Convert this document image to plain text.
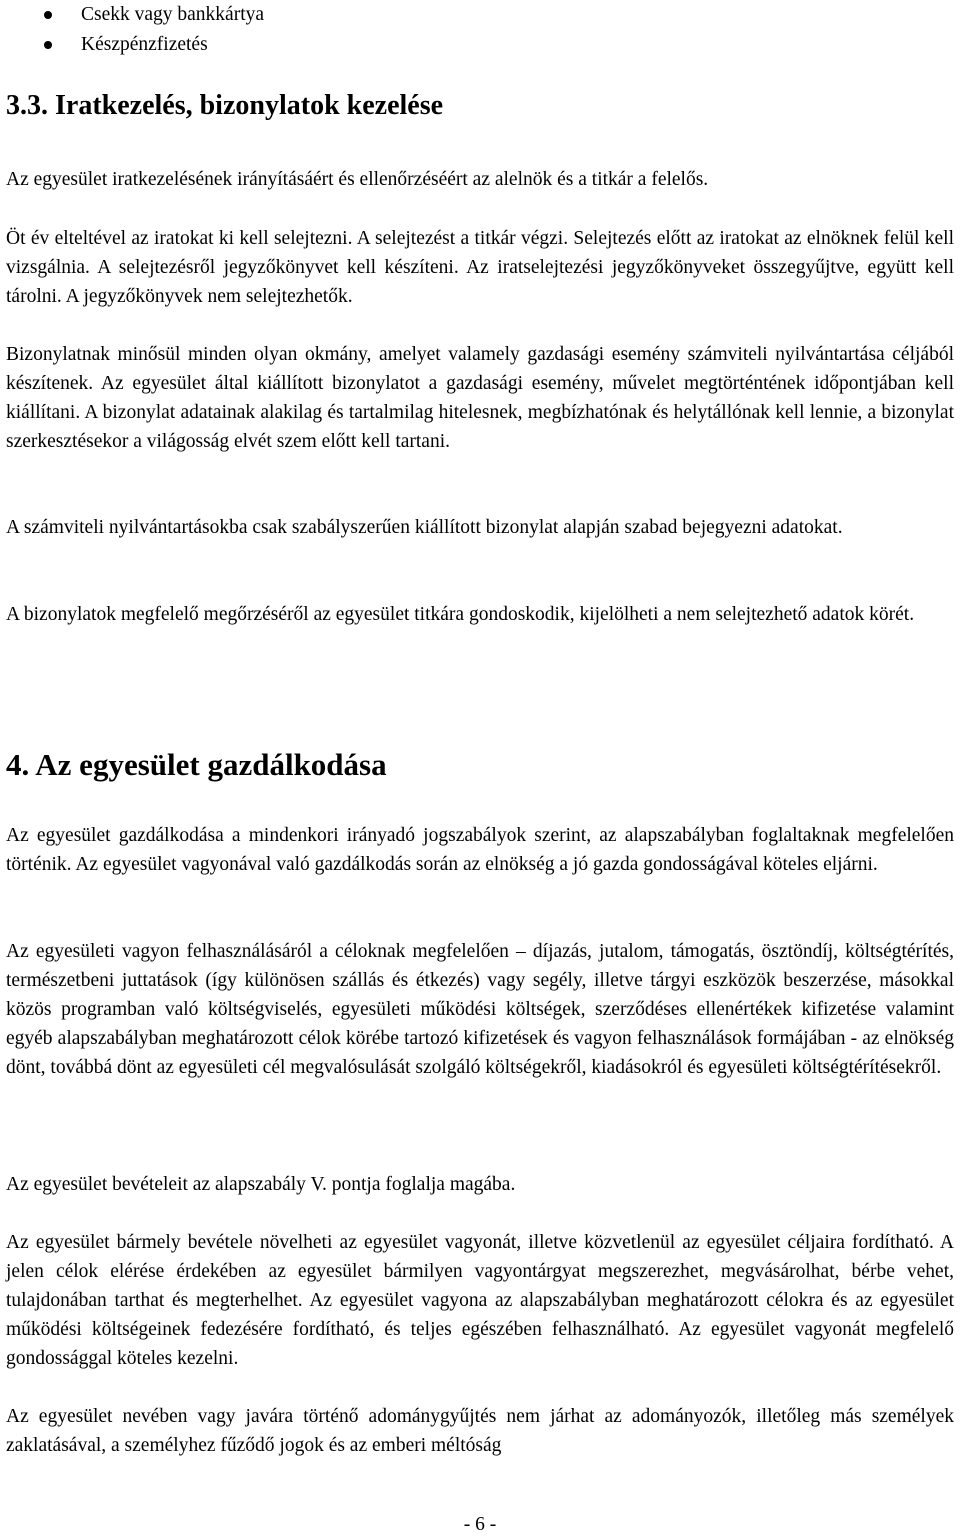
Csekk vagy bankkártya
Készpénzfizetés
3.3. Iratkezelés, bizonylatok kezelése

Az egyesület iratkezelésének irányításáért és ellenőrzéséért az alelnök és a titkár a felelős.

Öt év elteltével az iratokat ki kell selejtezni. A selejtezést a titkár végzi. Selejtezés előtt az iratokat az elnöknek felül kell vizsgálnia. A selejtezésről jegyzőkönyvet kell készíteni. Az iratselejtezési jegyzőkönyveket összegyűjtve, együtt kell tárolni. A jegyzőkönyvek nem selejtezhetők.

Bizonylatnak minősül minden olyan okmány, amelyet valamely gazdasági esemény számviteli nyilvántartása céljából készítenek. Az egyesület által kiállított bizonylatot a gazdasági esemény, művelet megtörténtének időpontjában kell kiállítani. A bizonylat adatainak alakilag és tartalmilag hitelesnek, megbízhatónak és helytállónak kell lennie, a bizonylat szerkesztésekor a világosság elvét szem előtt kell tartani.

A számviteli nyilvántartásokba csak szabályszerűen kiállított bizonylat alapján szabad bejegyezni adatokat.

A bizonylatok megfelelő megőrzéséről az egyesület titkára gondoskodik, kijelölheti a nem selejtezhető adatok körét.

4. Az egyesület gazdálkodása

Az egyesület gazdálkodása a mindenkori irányadó jogszabályok szerint, az alapszabályban foglaltaknak megfelelően történik. Az egyesület vagyonával való gazdálkodás során az elnökség a jó gazda gondosságával köteles eljárni.

Az egyesületi vagyon felhasználásáról a céloknak megfelelően – díjazás, jutalom, támogatás, ösztöndíj, költségtérítés, természetbeni juttatások (így különösen szállás és étkezés) vagy segély, illetve tárgyi eszközök beszerzése, másokkal közös programban való költségviselés, egyesületi működési költségek, szerződéses ellenértékek kifizetése valamint egyéb alapszabályban meghatározott célok körébe tartozó kifizetések és vagyon felhasználások formájában - az elnökség dönt, továbbá dönt az egyesületi cél megvalósulását szolgáló költségekről, kiadásokról és egyesületi költségtérítésekről.

Az egyesület bevételeit az alapszabály V. pontja foglalja magába.

Az egyesület bármely bevétele növelheti az egyesület vagyonát, illetve közvetlenül az egyesület céljaira fordítható. A jelen célok elérése érdekében az egyesület bármilyen vagyontárgyat megszerezhet, megvásárolhat, bérbe vehet, tulajdonában tarthat és megterhelhet. Az egyesület vagyona az alapszabályban meghatározott célokra és az egyesület működési költségeinek fedezésére fordítható, és teljes egészében felhasználható. Az egyesület vagyonát megfelelő gondossággal köteles kezelni.

Az egyesület nevében vagy javára történő adománygyűjtés nem járhat az adományozók, illetőleg más személyek zaklatásával, a személyhez fűződő jogok és az emberi méltóság

- 6 -
